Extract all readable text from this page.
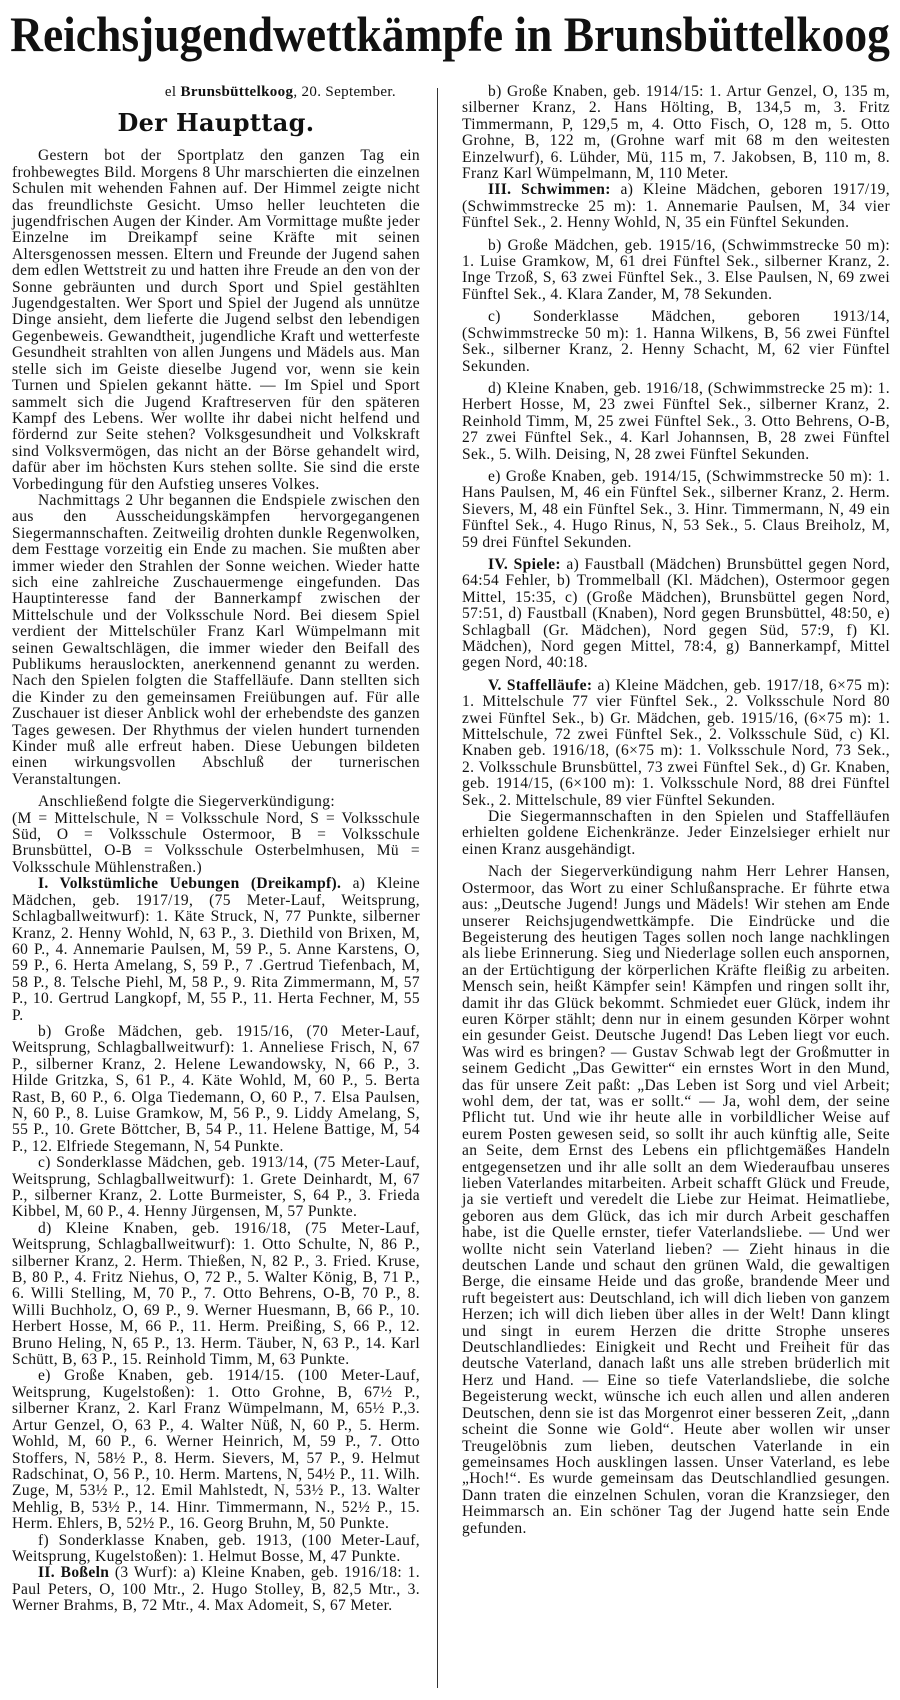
Reichsjugendwettkämpfe in Brunsbüttelkoog
el Brunsbüttelkoog, 20. September.
Der Haupttag.

Gestern bot der Sportplatz den ganzen Tag ein frohbewegtes Bild. Morgens 8 Uhr marschierten die einzelnen Schulen mit wehenden Fahnen auf. Der Himmel zeigte nicht das freundlichste Gesicht. Umso heller leuchteten die jugendfrischen Augen der Kinder. Am Vormittage mußte jeder Einzelne im Dreikampf seine Kräfte mit seinen Altersgenossen messen. Eltern und Freunde der Jugend sahen dem edlen Wettstreit zu und hatten ihre Freude an den von der Sonne gebräunten und durch Sport und Spiel gestählten Jugendgestalten. Wer Sport und Spiel der Jugend als unnütze Dinge ansieht, dem lieferte die Jugend selbst den lebendigen Gegenbeweis. Gewandtheit, jugendliche Kraft und wetterfeste Gesundheit strahlten von allen Jungens und Mädels aus. Man stelle sich im Geiste dieselbe Jugend vor, wenn sie kein Turnen und Spielen gekannt hätte. — Im Spiel und Sport sammelt sich die Jugend Kraftreserven für den späteren Kampf des Lebens. Wer wollte ihr dabei nicht helfend und fördernd zur Seite stehen? Volksgesundheit und Volkskraft sind Volksvermögen, das nicht an der Börse gehandelt wird, dafür aber im höchsten Kurs stehen sollte. Sie sind die erste Vorbedingung für den Aufstieg unseres Volkes.

Nachmittags 2 Uhr begannen die Endspiele zwischen den aus den Ausscheidungskämpfen hervorgegangenen Siegermannschaften. Zeitweilig drohten dunkle Regenwolken, dem Festtage vorzeitig ein Ende zu machen. Sie mußten aber immer wieder den Strahlen der Sonne weichen. Wieder hatte sich eine zahlreiche Zuschauermenge eingefunden. Das Hauptinteresse fand der Bannerkampf zwischen der Mittelschule und der Volksschule Nord. Bei diesem Spiel verdient der Mittelschüler Franz Karl Wümpelmann mit seinen Gewaltschlägen, die immer wieder den Beifall des Publikums herauslockten, anerkennend genannt zu werden. Nach den Spielen folgten die Staffelläufe. Dann stellten sich die Kinder zu den gemeinsamen Freiübungen auf. Für alle Zuschauer ist dieser Anblick wohl der erhebendste des ganzen Tages gewesen. Der Rhythmus der vielen hundert turnenden Kinder muß alle erfreut haben. Diese Uebungen bildeten einen wirkungsvollen Abschluß der turnerischen Veranstaltungen.

Anschließend folgte die Siegerverkündigung:
(M = Mittelschule, N = Volksschule Nord, S = Volksschule Süd, O = Volksschule Ostermoor, B = Volksschule Brunsbüttel, O-B = Volksschule Osterbelmhusen, Mü = Volksschule Mühlenstraßen.)

I. Volkstümliche Uebungen (Dreikampf). a) Kleine Mädchen, geb. 1917/19, (75 Meter-Lauf, Weitsprung, Schlagballweitwurf): 1. Käte Struck, N, 77 Punkte, silberner Kranz, 2. Henny Wohld, N, 63 P., 3. Diethild von Brixen, M, 60 P., 4. Annemarie Paulsen, M, 59 P., 5. Anne Karstens, O, 59 P., 6. Herta Amelang, S, 59 P., 7 .Gertrud Tiefenbach, M, 58 P., 8. Telsche Piehl, M, 58 P., 9. Rita Zimmermann, M, 57 P., 10. Gertrud Langkopf, M, 55 P., 11. Herta Fechner, M, 55 P.

b) Große Mädchen, geb. 1915/16, (70 Meter-Lauf, Weitsprung, Schlagballweitwurf): 1. Anneliese Frisch, N, 67 P., silberner Kranz, 2. Helene Lewandowsky, N, 66 P., 3. Hilde Gritzka, S, 61 P., 4. Käte Wohld, M, 60 P., 5. Berta Rast, B, 60 P., 6. Olga Tiedemann, O, 60 P., 7. Elsa Paulsen, N, 60 P., 8. Luise Gramkow, M, 56 P., 9. Liddy Amelang, S, 55 P., 10. Grete Böttcher, B, 54 P., 11. Helene Battige, M, 54 P., 12. Elfriede Stegemann, N, 54 Punkte.

c) Sonderklasse Mädchen, geb. 1913/14, (75 Meter-Lauf, Weitsprung, Schlagballweitwurf): 1. Grete Deinhardt, M, 67 P., silberner Kranz, 2. Lotte Burmeister, S, 64 P., 3. Frieda Kibbel, M, 60 P., 4. Henny Jürgensen, M, 57 Punkte.

d) Kleine Knaben, geb. 1916/18, (75 Meter-Lauf, Weitsprung, Schlagballweitwurf): 1. Otto Schulte, N, 86 P., silberner Kranz, 2. Herm. Thießen, N, 82 P., 3. Fried. Kruse, B, 80 P., 4. Fritz Niehus, O, 72 P., 5. Walter König, B, 71 P., 6. Willi Stelling, M, 70 P., 7. Otto Behrens, O-B, 70 P., 8. Willi Buchholz, O, 69 P., 9. Werner Huesmann, B, 66 P., 10. Herbert Hosse, M, 66 P., 11. Herm. Preißing, S, 66 P., 12. Bruno Heling, N, 65 P., 13. Herm. Täuber, N, 63 P., 14. Karl Schütt, B, 63 P., 15. Reinhold Timm, M, 63 Punkte.

e) Große Knaben, geb. 1914/15. (100 Meter-Lauf, Weitsprung, Kugelstoßen): 1. Otto Grohne, B, 67½ P., silberner Kranz, 2. Karl Franz Wümpelmann, M, 65½ P.,3. Artur Genzel, O, 63 P., 4. Walter Nüß, N, 60 P., 5. Herm. Wohld, M, 60 P., 6. Werner Heinrich, M, 59 P., 7. Otto Stoffers, N, 58½ P., 8. Herm. Sievers, M, 57 P., 9. Helmut Radschinat, O, 56 P., 10. Herm. Martens, N, 54½ P., 11. Wilh. Zuge, M, 53½ P., 12. Emil Mahlstedt, N, 53½ P., 13. Walter Mehlig, B, 53½ P., 14. Hinr. Timmermann, N., 52½ P., 15. Herm. Ehlers, B, 52½ P., 16. Georg Bruhn, M, 50 Punkte.

f) Sonderklasse Knaben, geb. 1913, (100 Meter-Lauf, Weitsprung, Kugelstoßen): 1. Helmut Bosse, M, 47 Punkte.

II. Boßeln (3 Wurf): a) Kleine Knaben, geb. 1916/18: 1. Paul Peters, O, 100 Mtr., 2. Hugo Stolley, B, 82,5 Mtr., 3. Werner Brahms, B, 72 Mtr., 4. Max Adomeit, S, 67 Meter.

b) Große Knaben, geb. 1914/15: 1. Artur Genzel, O, 135 m, silberner Kranz, 2. Hans Hölting, B, 134,5 m, 3. Fritz Timmermann, P, 129,5 m, 4. Otto Fisch, O, 128 m, 5. Otto Grohne, B, 122 m, (Grohne warf mit 68 m den weitesten Einzelwurf), 6. Lühder, Mü, 115 m, 7. Jakobsen, B, 110 m, 8. Franz Karl Wümpelmann, M, 110 Meter.

III. Schwimmen: a) Kleine Mädchen, geboren 1917/19, (Schwimmstrecke 25 m): 1. Annemarie Paulsen, M, 34 vier Fünftel Sek., 2. Henny Wohld, N, 35 ein Fünftel Sekunden.

b) Große Mädchen, geb. 1915/16, (Schwimmstrecke 50 m): 1. Luise Gramkow, M, 61 drei Fünftel Sek., silberner Kranz, 2. Inge Trzoß, S, 63 zwei Fünftel Sek., 3. Else Paulsen, N, 69 zwei Fünftel Sek., 4. Klara Zander, M, 78 Sekunden.

c) Sonderklasse Mädchen, geboren 1913/14, (Schwimmstrecke 50 m): 1. Hanna Wilkens, B, 56 zwei Fünftel Sek., silberner Kranz, 2. Henny Schacht, M, 62 vier Fünftel Sekunden.

d) Kleine Knaben, geb. 1916/18, (Schwimmstrecke 25 m): 1. Herbert Hosse, M, 23 zwei Fünftel Sek., silberner Kranz, 2. Reinhold Timm, M, 25 zwei Fünftel Sek., 3. Otto Behrens, O-B, 27 zwei Fünftel Sek., 4. Karl Johannsen, B, 28 zwei Fünftel Sek., 5. Wilh. Deising, N, 28 zwei Fünftel Sekunden.

e) Große Knaben, geb. 1914/15, (Schwimmstrecke 50 m): 1. Hans Paulsen, M, 46 ein Fünftel Sek., silberner Kranz, 2. Herm. Sievers, M, 48 ein Fünftel Sek., 3. Hinr. Timmermann, N, 49 ein Fünftel Sek., 4. Hugo Rinus, N, 53 Sek., 5. Claus Breiholz, M, 59 drei Fünftel Sekunden.

IV. Spiele: a) Faustball (Mädchen) Brunsbüttel gegen Nord, 64:54 Fehler, b) Trommelball (Kl. Mädchen), Ostermoor gegen Mittel, 15:35, c) (Große Mädchen), Brunsbüttel gegen Nord, 57:51, d) Faustball (Knaben), Nord gegen Brunsbüttel, 48:50, e) Schlagball (Gr. Mädchen), Nord gegen Süd, 57:9, f) Kl. Mädchen), Nord gegen Mittel, 78:4, g) Bannerkampf, Mittel gegen Nord, 40:18.

V. Staffelläufe: a) Kleine Mädchen, geb. 1917/18, 6×75 m): 1. Mittelschule 77 vier Fünftel Sek., 2. Volksschule Nord 80 zwei Fünftel Sek., b) Gr. Mädchen, geb. 1915/16, (6×75 m): 1. Mittelschule, 72 zwei Fünftel Sek., 2. Volksschule Süd, c) Kl. Knaben geb. 1916/18, (6×75 m): 1. Volksschule Nord, 73 Sek., 2. Volksschule Brunsbüttel, 73 zwei Fünftel Sek., d) Gr. Knaben, geb. 1914/15, (6×100 m): 1. Volksschule Nord, 88 drei Fünftel Sek., 2. Mittelschule, 89 vier Fünftel Sekunden.

Die Siegermannschaften in den Spielen und Staffelläufen erhielten goldene Eichenkränze. Jeder Einzelsieger erhielt nur einen Kranz ausgehändigt.

Nach der Siegerverkündigung nahm Herr Lehrer Hansen, Ostermoor, das Wort zu einer Schlußansprache. Er führte etwa aus: „Deutsche Jugend! Jungs und Mädels! Wir stehen am Ende unserer Reichsjugendwettkämpfe. Die Eindrücke und die Begeisterung des heutigen Tages sollen noch lange nachklingen als liebe Erinnerung. Sieg und Niederlage sollen euch anspornen, an der Ertüchtigung der körperlichen Kräfte fleißig zu arbeiten. Mensch sein, heißt Kämpfer sein! Kämpfen und ringen sollt ihr, damit ihr das Glück bekommt. Schmiedet euer Glück, indem ihr euren Körper stählt; denn nur in einem gesunden Körper wohnt ein gesunder Geist. Deutsche Jugend! Das Leben liegt vor euch. Was wird es bringen? — Gustav Schwab legt der Großmutter in seinem Gedicht „Das Gewitter“ ein ernstes Wort in den Mund, das für unsere Zeit paßt: „Das Leben ist Sorg und viel Arbeit; wohl dem, der tat, was er sollt.“ — Ja, wohl dem, der seine Pflicht tut. Und wie ihr heute alle in vorbildlicher Weise auf eurem Posten gewesen seid, so sollt ihr auch künftig alle, Seite an Seite, dem Ernst des Lebens ein pflichtgemäßes Handeln entgegensetzen und ihr alle sollt an dem Wiederaufbau unseres lieben Vaterlandes mitarbeiten. Arbeit schafft Glück und Freude, ja sie vertieft und veredelt die Liebe zur Heimat. Heimatliebe, geboren aus dem Glück, das ich mir durch Arbeit geschaffen habe, ist die Quelle ernster, tiefer Vaterlandsliebe. — Und wer wollte nicht sein Vaterland lieben? — Zieht hinaus in die deutschen Lande und schaut den grünen Wald, die gewaltigen Berge, die einsame Heide und das große, brandende Meer und ruft begeistert aus: Deutschland, ich will dich lieben von ganzem Herzen; ich will dich lieben über alles in der Welt! Dann klingt und singt in eurem Herzen die dritte Strophe unseres Deutschlandliedes: Einigkeit und Recht und Freiheit für das deutsche Vaterland, danach laßt uns alle streben brüderlich mit Herz und Hand. — Eine so tiefe Vaterlandsliebe, die solche Begeisterung weckt, wünsche ich euch allen und allen anderen Deutschen, denn sie ist das Morgenrot einer besseren Zeit, „dann scheint die Sonne wie Gold“. Heute aber wollen wir unser Treugelöbnis zum lieben, deutschen Vaterlande in ein gemeinsames Hoch ausklingen lassen. Unser Vaterland, es lebe „Hoch!“. Es wurde gemeinsam das Deutschlandlied gesungen. Dann traten die einzelnen Schulen, voran die Kranzsieger, den Heimmarsch an. Ein schöner Tag der Jugend hatte sein Ende gefunden.
